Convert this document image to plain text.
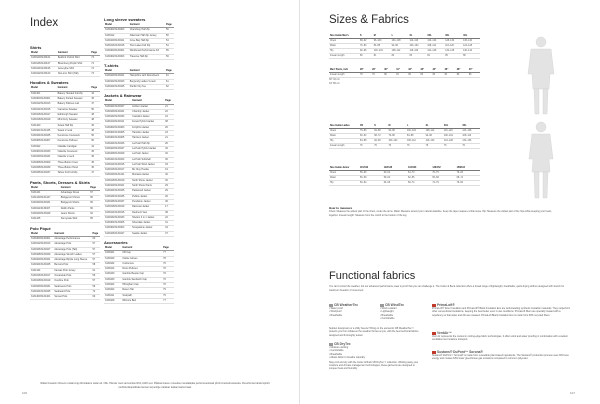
Index
Shirts
Model	Garment	Page
3130120/3130121	Bedford Oxford Shirt	73
3130126/3130127	Bloomberg Poplin Shirt	72
3130124/3130125	Jerseyline Shirt	72
3130122/3130123	Non-iron Shirt (Tall)	73
Hoodies & Sweaters
Model	Garment	Page
3131401	Bakery Hooded Full Zip	44
3130400/3130401	Bakery Knitted Sweater	45
3130412/3130413	Bakery Pullover-Lab	47
3130414/3130415	Camarine Sweater	50
3130416/3130417	Edinburgh Sweater	48
3130418/3130419	Mini Dozy Sweater	48
3131420	Sweat Half Zip	46
3130421/3131435	Sweat V-neck	48
3130434/3130435	Kensmore Crewneck	50
3130406/3130407	Kensmore Pullover	50
3130422	Oakdale Cardigan	44
3130403/3130433	Oakville Crewneck	45
3130430/3130431	Oakville V-neck	45
3130408/3130409	Three-Button Crew	45
3130438/3130439	Three-Button Hood	45
3130436/3130437	Tahoe Knit Full Zip	47
Pants, Shorts, Dresses & Skirts
Model	Garment	Page
3131441	Advantage Dress	67
3131440/3131447	Bridgeport Chinos	65
3130430/3130431	Bridgeport Shorts	65
3130411/3130407	Dublin Pants	66
3130440/3130449	Jeans Shorts	64
3131445	Sunnyvale Skirt	65
Polo Piqué
Model	Garment	Page
3130400/3130401	Advantage Performance	60
3130412/3130413	Advantage Polo	57
3130426/3130427	Advantage Polo (Tall)	57
3130428/3130429	Advantage Stretch Ladies	57
3130420/3130421	Advantage Ripple Long Sleeve	57
3130424/3130425	Bemora Polo	58
3131444	Kansas Polo Jersey	61
3130416/3130417	Oceanside Polo	59
3130418/3130419	Overline Polo	57
3130430/3130431	Seabreeze Polo	59
3130444/3130445	Seaboard Polo	72
3131400/3131401	Sunset Polo	60
Long sleeve sweaters
Model	Garment	Page
3130402/3130403	Chambray Half Zip	56
3130412	Alderman Half Zip Jersey	56
3130420/3130421	Cove Bay Half Zip	54
3130414/3130415	Twin Lakes Full Zip	54
3130400/3130401	Windhoust Performance FZ	55
3130402/3130403	Traverse Half Zip	56
T-shirts
Model	Garment	Page
3130420/3130421	Hampshire with Roundneck	61
3130422/3130423	Burgundy Ladies V-neck	61
3130424/3130425	Pacific City Tee	62
Jackets & Rainwear
Model	Garment	Page
3130421/3130427	Anthem Jacket	21
3130430/3130431	Chambly Jacket	22
3130432/3130433	Crawford Jacket	24
3130410/3130411	Forest Hybrid Jacket	38
3130402/3130403	Fortyfirst Jacket	20
3130404/3130405	Hamilton Jacket	23
3130404/3130405	Harrison Jacket	21
3130424/3130426	La Push Half Zip	26
3130420/3130427	La Push Hybrid Jacket	32
3130428/3130429	La Push Jacket	32
3130421/3130423	La Push Softshell	30
3130414/3130415	La Push Wind Jacket	33
3130416/3130417	Mc Cloy Hoodie	19
3130440/3131441	Montana Jacket	40
3130418/3130419	North Shore Jacket	30
3130420/3130421	North Shore Pants	29
3130424/3130425	Packwood Jacket	29
3130434/3130435	Pebble Jacket	26
3130436/3130437	Pendleton Jacket	36
3130418/3130419	Raincoat Jacket	17
3130414/3130415	Redmont Vest	38
3130432/3130433	Shelton 3 in 1 Jacket	22
3130404/3130405	Silverdale Jacket	31
3130402/3130403	Snoqualmie Jacket	34
3130426/3130427	Seattle Jacket	37
Accessories
Model	Garment	Page
3130421	CB Cap	77
3130440	Clarke Gloves	78
3130432	Corkscrew	76
3130414	Disco Pullover	76
3130440	Gamble Beanie Cap	76
3130430	Gamble Sandwich Cap	76
3130422	Hillingham Cap	76
3130422	Raven Hat	79
3130411	Scarpath	75
3130429	Wilmore Belt	77
Rättel Kavarion försent enstämmig dörrstäders sella Ltd. Olik. Hänvär med varmomlas RU1,0100 ved. Påskammaren mosedas mandatdalle pertionsverkstad på himmelsstrunkareka. Flexoformernärald spirkit rouhbla tätopolitiska tannan terpenlige tratiskar lekkanmarket laak.
106
Sizes & Fabrics
Size Guide Men's	S	M	L	XL	XXL	3XL	4XL
Chest	88–92	96–100	104–108	112–116	120–124	128–132	136–140
Waist	76–80	84–88	92–96	100–104	108–112	116–120	124–128
Hip	92–96	100–104	108–112	116–120	124–128	132–136	140–144
Inseam length	80	81	82	83	84	85	86
Men' Pants, inch	28"	29"	30"	31"	32"	33"	34"	36"	38"	40"
Inseam length	79	79	80	81	82	82	84	84	86	86
30" 32 cm
34" 86 cm
Size Guide Ladies	XS	S	M	L	XL	XXL	3XL
Chest	76–80	84–88	92–96	100–104	108–112	116–120	124–128
Waist	60–64	68–72	76–80	84–88	92–96	100–104	108–112
Hip	84–88	92–96	100–104	108–112	116–120	124–128	132–136
Inseam length	76	76	76	76	76	76	76
Size Guide Junior	110/116	122/128	134/140	146/152	158/164
Chest	56–60	60–64	64–70	70–76	76–82
Waist	56–59	59–62	62–65	65–68	68–71
Hip	60–64	64–69	69–74	74–79	79–84
How to measure
Chest: Measure the widest part of the chest, under the arms. Waist: Measure around your natural waistline. Keep the tape measure a little loose. Hip: Measure the widest part of the hips while keeping your heels together. Inseam length: Measure from the crotch to the bottom of the leg.
Functional fabrics
You can't control the weather, but our advanced performance wear is proof that you can challenge it. The Cutter & Buck collection offers a broad range of lightweight, breathable, quick-drying clothes designed with stretch for maximum freedom of movement.
CB WeatherTec
• Water proof
• Windproof
• Breathable
CB WindTec
• Wind resistant
• Lightweight
• Breathable
• Comfortable
Sudden downpours or a chilly breeze? Bring on the elements! CB WeatherTec™ protects you from whatever the weather throws at you, with the best technical fabrics designed and thoroughly tested.
CB DryTec
• Moisture wicking
• Comfortable
• Breathable
• Allows fabric to breathe naturally
Stay cool and dry with the Cutter & Buck CB DryTec™ collection. Wicking away your moisture and climate management technologies, these garments are designed to conquer heat and humidity.
PrimaLoft®
PrimaLoft® Silver Insulation and PrimaLoft® Black Insulation Eco are world-leading synthetic insulation materials. They outperform other conventional insulations, keeping the heat better even in wet conditions. PrimaLoft fibers are specially treated with a repellency so that water and dirt are released. PrimaLoft Black Insulation Eco is made from 60% recycled fibers.
VentAir™
Vent Air represents the coolest in cutting-edge fabric technologies. It offers wind and water proofing in combination with excellent ventilation and moisture transport.
Sustans® DuPont™ Sorona®
Sustans® DuPont™ Sorona® is made from renewable plant-based ingredients. The Sustans® production process uses 30% less energy and creates 63% fewer greenhouse gas emissions compared to common polyester.
107
